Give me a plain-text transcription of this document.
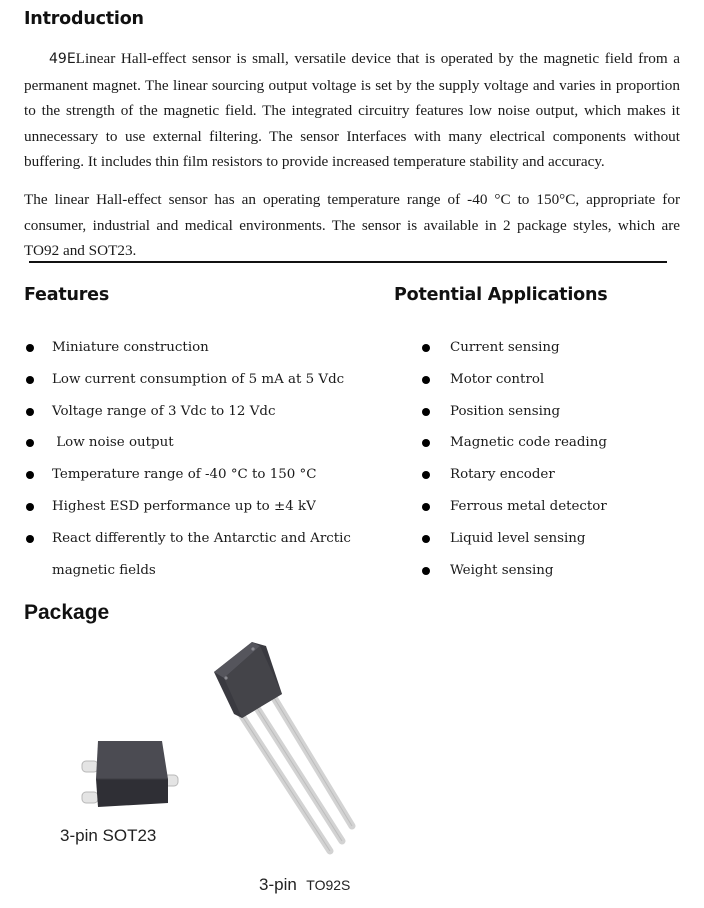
Introduction

49ELinear Hall-effect sensor is small, versatile device that is operated by the magnetic field from a permanent magnet. The linear sourcing output voltage is set by the supply voltage and varies in proportion to the strength of the magnetic field. The integrated circuitry features low noise output, which makes it unnecessary to use external filtering. The sensor Interfaces with many electrical components without buffering. It includes thin film resistors to provide increased temperature stability and accuracy.

The linear Hall-effect sensor has an operating temperature range of -40 °C to 150°C, appropriate for consumer, industrial and medical environments. The sensor is available in 2 package styles, which are TO92 and SOT23.

Features
Miniature construction
Low current consumption of 5 mA at 5 Vdc
Voltage range of 3 Vdc to 12 Vdc
Low noise output
Temperature range of -40 °C to 150 °C
Highest ESD performance up to ±4 kV
React differently to the Antarctic and Arctic
magnetic fields
Potential Applications
Current sensing
Motor control
Position sensing
Magnetic code reading
Rotary encoder
Ferrous metal detector
Liquid level sensing
Weight sensing
Package
3-pin SOT23
3-pin TO92S
